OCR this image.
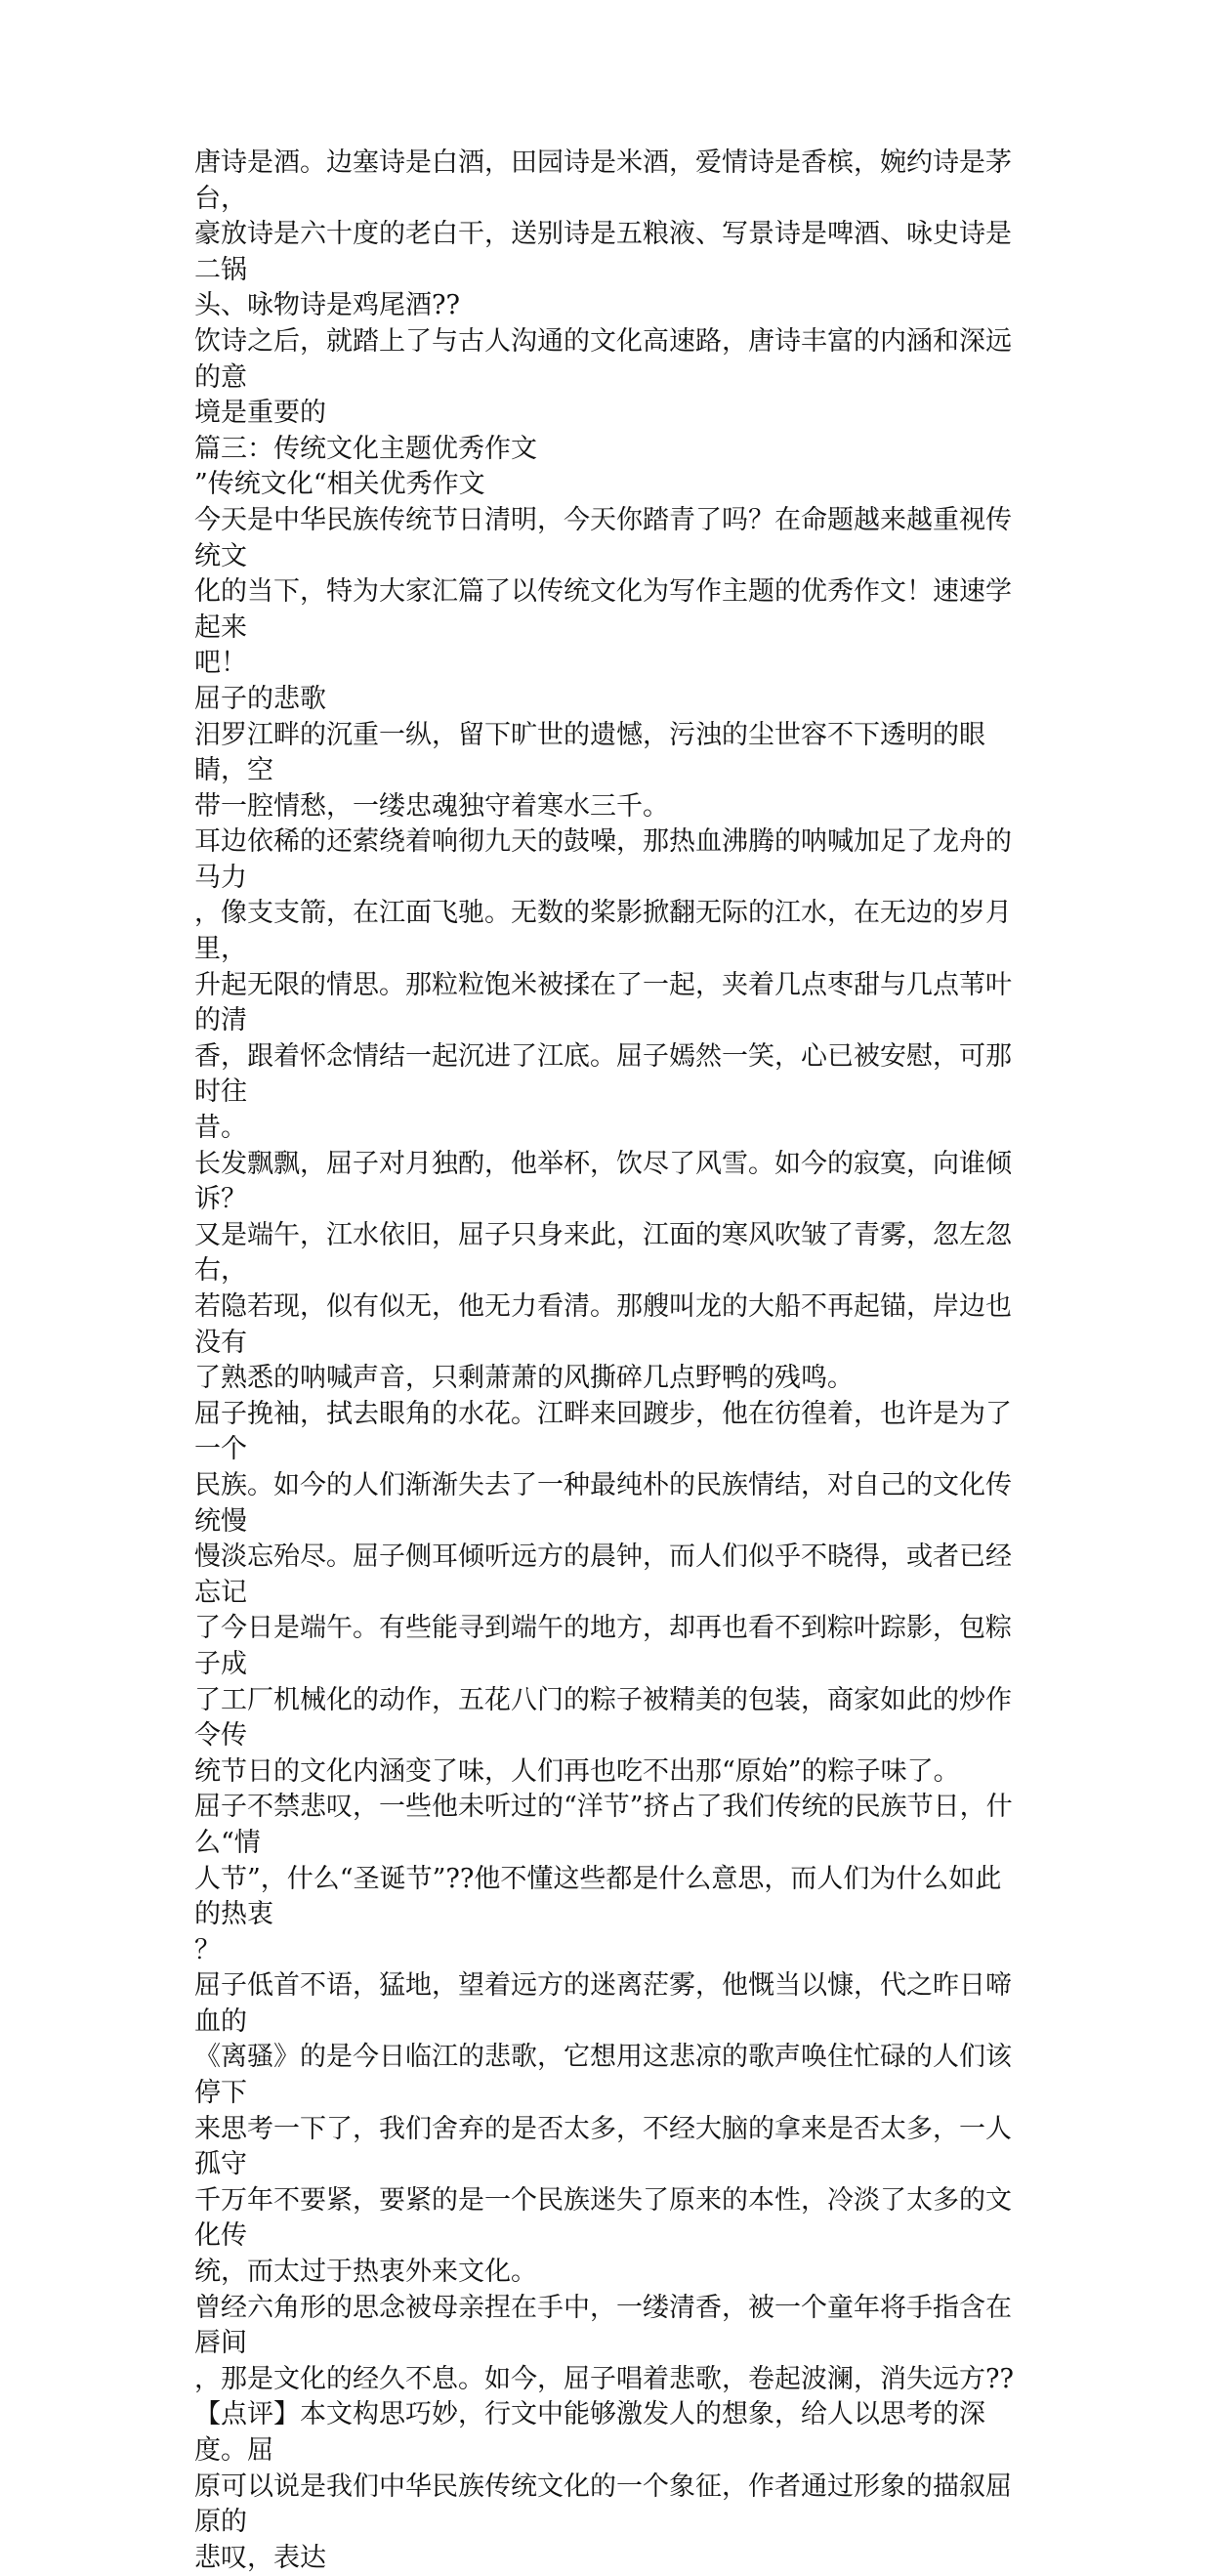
唐诗是酒。边塞诗是白酒，田园诗是米酒，爱情诗是香槟，婉约诗是茅台，
豪放诗是六十度的老白干，送别诗是五粮液、写景诗是啤酒、咏史诗是二锅
头、咏物诗是鸡尾酒??

饮诗之后，就踏上了与古人沟通的文化高速路，唐诗丰富的内涵和深远的意
境是重要的

篇三：传统文化主题优秀作文

”传统文化“相关优秀作文

今天是中华民族传统节日清明，今天你踏青了吗？在命题越来越重视传统文
化的当下，特为大家汇篇了以传统文化为写作主题的优秀作文！速速学起来
吧！

屈子的悲歌

汨罗江畔的沉重一纵，留下旷世的遗憾，污浊的尘世容不下透明的眼睛，空
带一腔情愁，一缕忠魂独守着寒水三千。

耳边依稀的还萦绕着响彻九天的鼓噪，那热血沸腾的呐喊加足了龙舟的马力
，像支支箭，在江面飞驰。无数的桨影掀翻无际的江水，在无边的岁月里，
升起无限的情思。那粒粒饱米被揉在了一起，夹着几点枣甜与几点苇叶的清
香，跟着怀念情结一起沉进了江底。屈子嫣然一笑，心已被安慰，可那时往
昔。

长发飘飘，屈子对月独酌，他举杯，饮尽了风雪。如今的寂寞，向谁倾诉？
又是端午，江水依旧，屈子只身来此，江面的寒风吹皱了青雾，忽左忽右，
若隐若现，似有似无，他无力看清。那艘叫龙的大船不再起锚，岸边也没有
了熟悉的呐喊声音，只剩萧萧的风撕碎几点野鸭的残鸣。

屈子挽袖，拭去眼角的水花。江畔来回踱步，他在彷徨着，也许是为了一个
民族。如今的人们渐渐失去了一种最纯朴的民族情结，对自己的文化传统慢
慢淡忘殆尽。屈子侧耳倾听远方的晨钟，而人们似乎不晓得，或者已经忘记
了今日是端午。有些能寻到端午的地方，却再也看不到粽叶踪影，包粽子成
了工厂机械化的动作，五花八门的粽子被精美的包装，商家如此的炒作令传
统节日的文化内涵变了味，人们再也吃不出那“原始”的粽子味了。

屈子不禁悲叹，一些他未听过的“洋节”挤占了我们传统的民族节日，什么“情
人节”，什么“圣诞节”??他不懂这些都是什么意思，而人们为什么如此的热衷
？

屈子低首不语，猛地，望着远方的迷离茫雾，他慨当以慷，代之昨日啼血的
《离骚》的是今日临江的悲歌，它想用这悲凉的歌声唤住忙碌的人们该停下
来思考一下了，我们舍弃的是否太多，不经大脑的拿来是否太多，一人孤守
千万年不要紧，要紧的是一个民族迷失了原来的本性，冷淡了太多的文化传
统，而太过于热衷外来文化。

曾经六角形的思念被母亲捏在手中，一缕清香，被一个童年将手指含在唇间
，那是文化的经久不息。如今，屈子唱着悲歌，卷起波澜，消失远方??

【点评】本文构思巧妙，行文中能够激发人的想象，给人以思考的深度。屈
原可以说是我们中华民族传统文化的一个象征，作者通过形象的描叙屈原的
悲叹，表达
